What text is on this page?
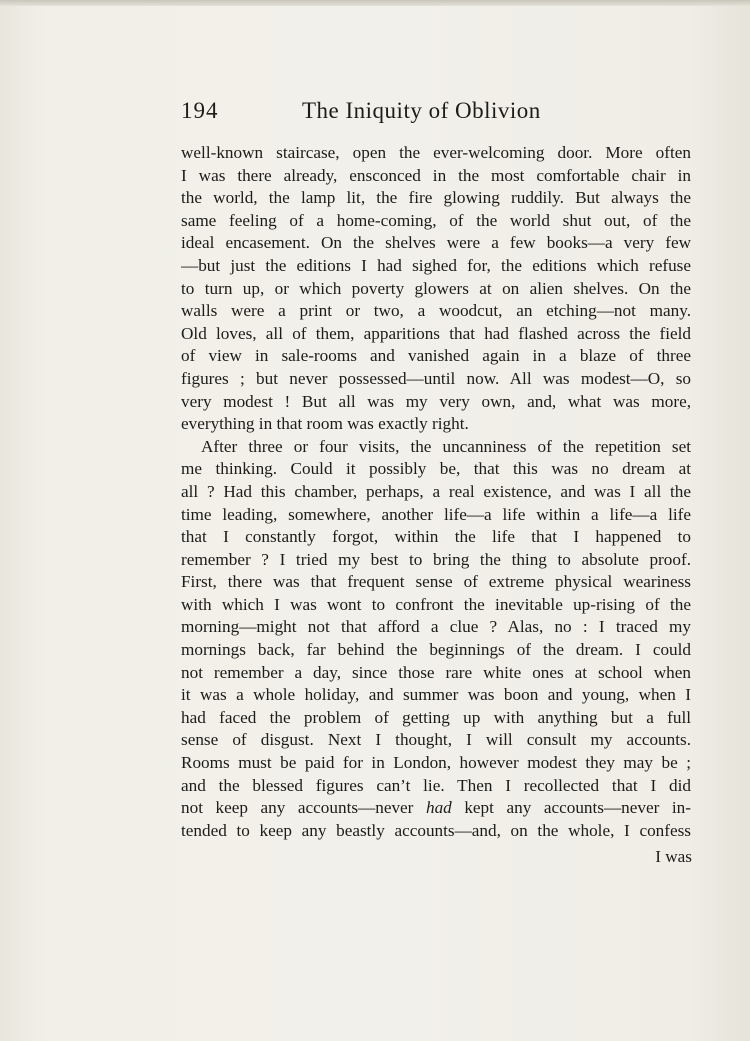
194	The Iniquity of Oblivion
well-known staircase, open the ever-welcoming door. More often
I was there already, ensconced in the most comfortable chair in
the world, the lamp lit, the fire glowing ruddily. But always the
same feeling of a home-coming, of the world shut out, of the
ideal encasement. On the shelves were a few books—a very few
—but just the editions I had sighed for, the editions which refuse
to turn up, or which poverty glowers at on alien shelves. On the
walls were a print or two, a woodcut, an etching—not many.
Old loves, all of them, apparitions that had flashed across the field
of view in sale-rooms and vanished again in a blaze of three
figures ; but never possessed—until now. All was modest—O, so
very modest ! But all was my very own, and, what was more,
everything in that room was exactly right.
After three or four visits, the uncanniness of the repetition set
me thinking. Could it possibly be, that this was no dream at
all ? Had this chamber, perhaps, a real existence, and was I all the
time leading, somewhere, another life—a life within a life—a life
that I constantly forgot, within the life that I happened to
remember ? I tried my best to bring the thing to absolute proof.
First, there was that frequent sense of extreme physical weariness
with which I was wont to confront the inevitable up-rising of the
morning—might not that afford a clue ? Alas, no : I traced my
mornings back, far behind the beginnings of the dream. I could
not remember a day, since those rare white ones at school when
it was a whole holiday, and summer was boon and young, when I
had faced the problem of getting up with anything but a full
sense of disgust. Next I thought, I will consult my accounts.
Rooms must be paid for in London, however modest they may be ;
and the blessed figures can’t lie. Then I recollected that I did
not keep any accounts—never had kept any accounts—never in-
tended to keep any beastly accounts—and, on the whole, I confess
I was
